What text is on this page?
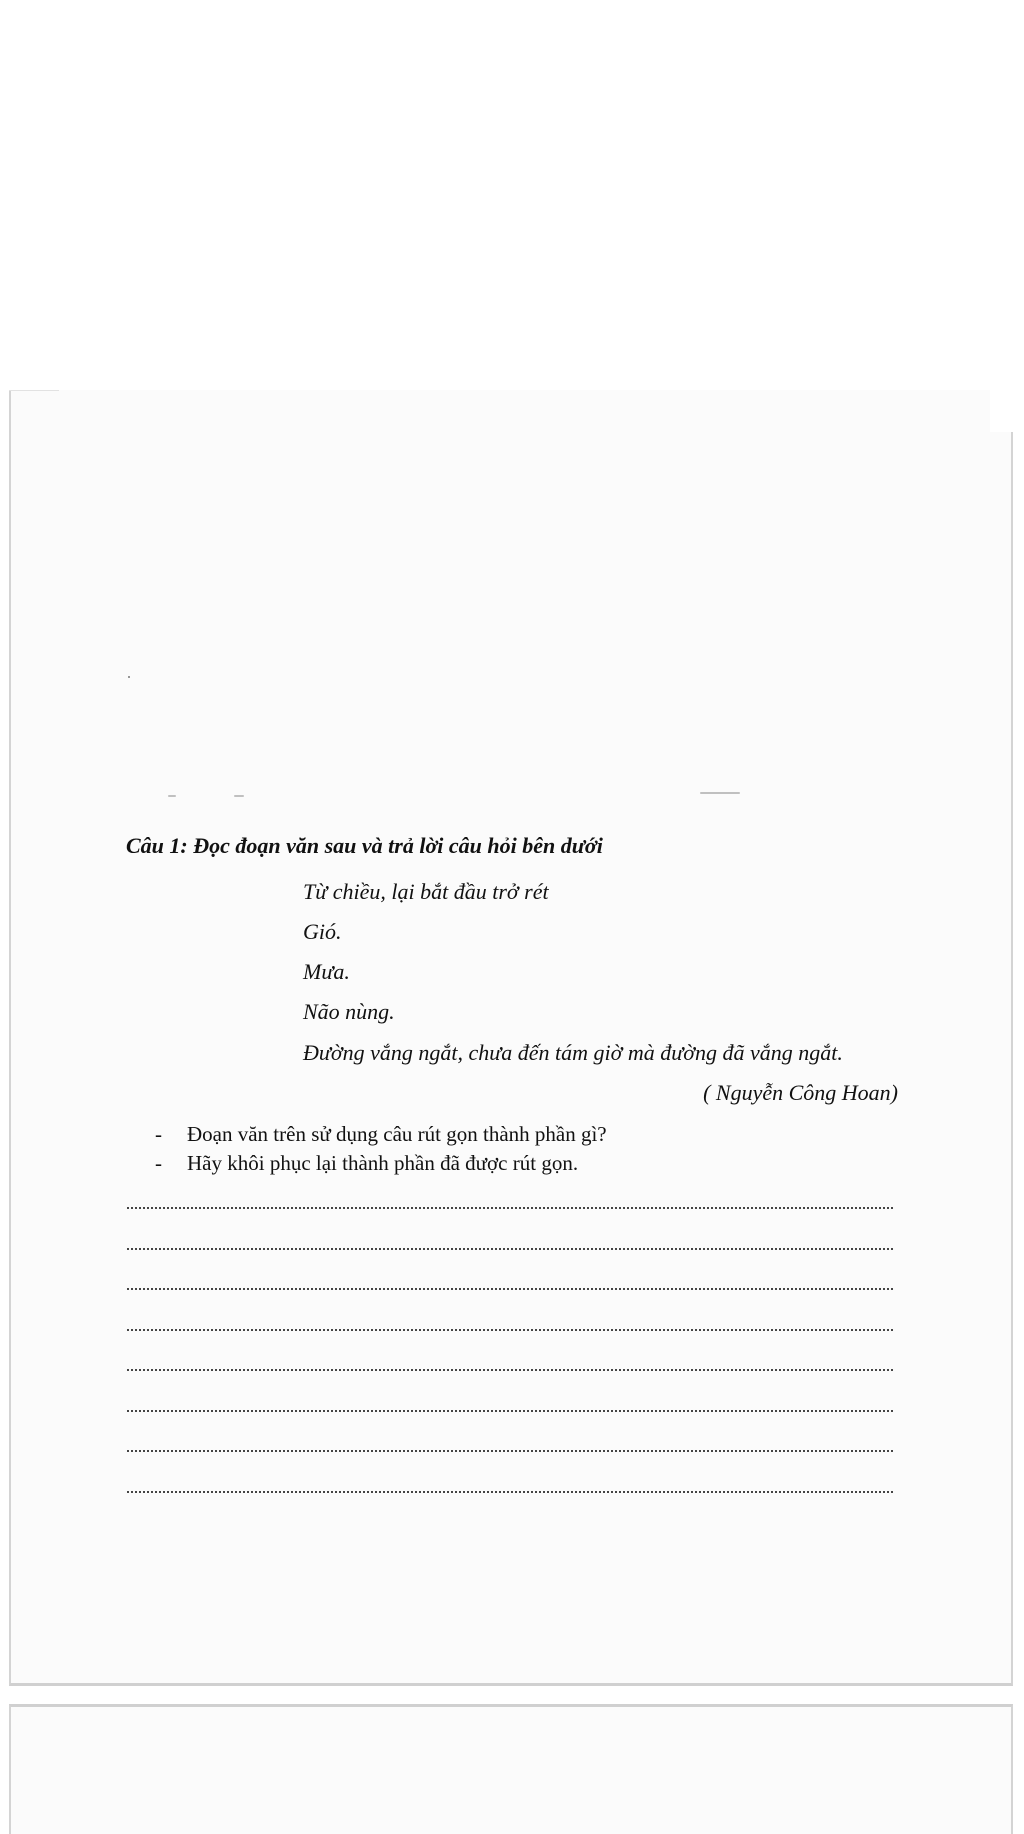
Câu 1: Đọc đoạn văn sau và trả lời câu hỏi bên dưới
Từ chiều, lại bắt đầu trở rét
Gió.
Mưa.
Não nùng.
Đường vắng ngắt, chưa đến tám giờ mà đường đã vắng ngắt.
( Nguyễn Công Hoan)
- Đoạn văn trên sử dụng câu rút gọn thành phần gì?
- Hãy khôi phục lại thành phần đã được rút gọn.
